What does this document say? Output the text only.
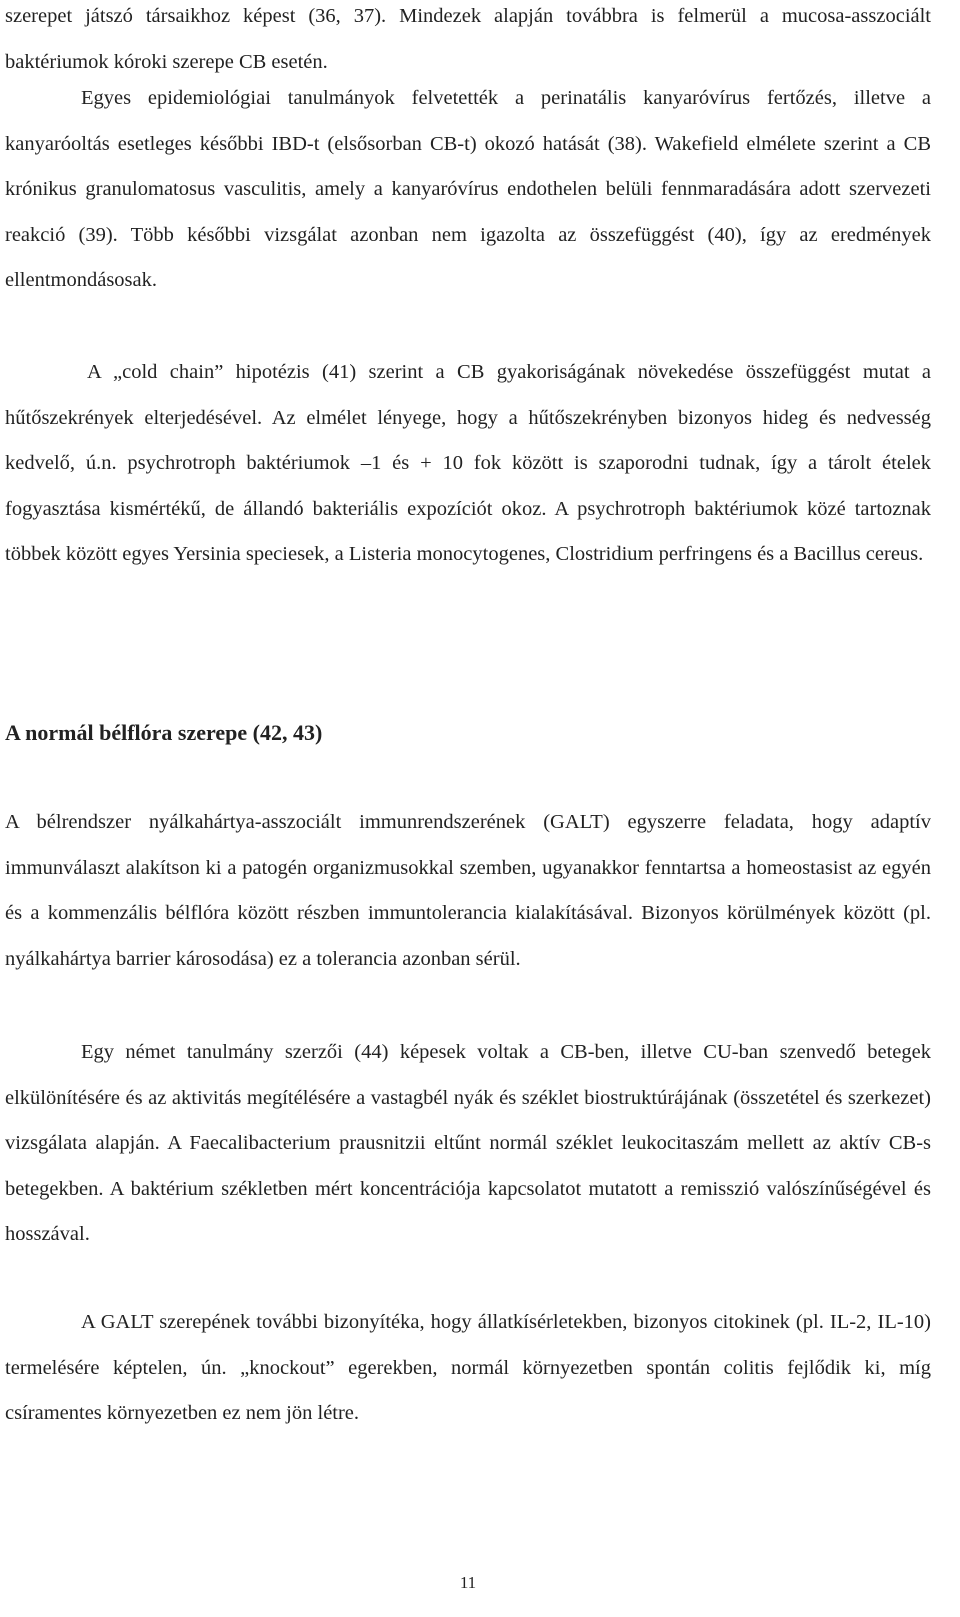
szerepet játszó társaikhoz képest (36, 37). Mindezek alapján továbbra is felmerül a mucosa-asszociált baktériumok kóroki szerepe CB esetén.

Egyes epidemiológiai tanulmányok felvetették a perinatális kanyaróvírus fertőzés, illetve a kanyaróoltás esetleges későbbi IBD-t (elsősorban CB-t) okozó hatását (38). Wakefield elmélete szerint a CB krónikus granulomatosus vasculitis, amely a kanyaróvírus endothelen belüli fennmaradására adott szervezeti reakció (39). Több későbbi vizsgálat azonban nem igazolta az összefüggést (40), így az eredmények ellentmondásosak.

A „cold chain” hipotézis (41) szerint a CB gyakoriságának növekedése összefüggést mutat a hűtőszekrények elterjedésével. Az elmélet lényege, hogy a hűtőszekrényben bizonyos hideg és nedvesség kedvelő, ú.n. psychrotroph baktériumok –1 és + 10 fok között is szaporodni tudnak, így a tárolt ételek fogyasztása kismértékű, de állandó bakteriális expozíciót okoz. A psychrotroph baktériumok közé tartoznak többek között egyes Yersinia speciesek, a Listeria monocytogenes, Clostridium perfringens és a Bacillus cereus.

A normál bélflóra szerepe (42, 43)

A bélrendszer nyálkahártya-asszociált immunrendszerének (GALT) egyszerre feladata, hogy adaptív immunválaszt alakítson ki a patogén organizmusokkal szemben, ugyanakkor fenntartsa a homeostasist az egyén és a kommenzális bélflóra között részben immuntolerancia kialakításával. Bizonyos körülmények között (pl. nyálkahártya barrier károsodása) ez a tolerancia azonban sérül.

Egy német tanulmány szerzői (44) képesek voltak a CB-ben, illetve CU-ban szenvedő betegek elkülönítésére és az aktivitás megítélésére a vastagbél nyák és széklet biostruktúrájának (összetétel és szerkezet) vizsgálata alapján. A Faecalibacterium prausnitzii eltűnt normál széklet leukocitaszám mellett az aktív CB-s betegekben. A baktérium székletben mért koncentrációja kapcsolatot mutatott a remisszió valószínűségével és hosszával.

A GALT szerepének további bizonyítéka, hogy állatkísérletekben, bizonyos citokinek (pl. IL-2, IL-10) termelésére képtelen, ún. „knockout” egerekben, normál környezetben spontán colitis fejlődik ki, míg csíramentes környezetben ez nem jön létre.

11
